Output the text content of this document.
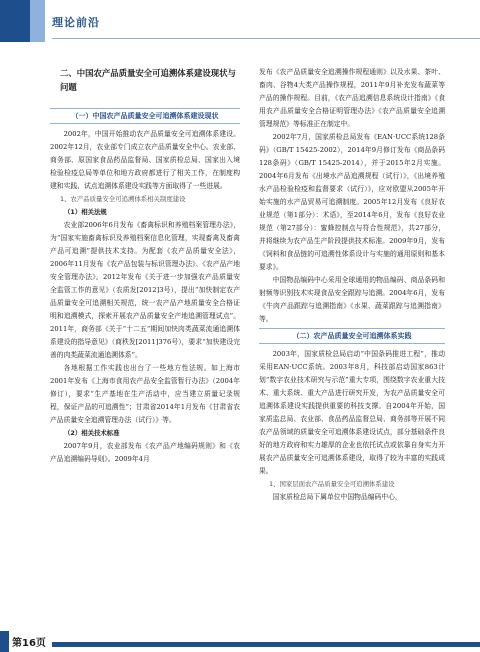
理论前沿
二、中国农产品质量安全可追溯体系建设现状与问题
（一）中国农产品质量安全可追溯体系建设现状

2002年，中国开始推动农产品质量安全可追溯体系建设。2002年12月，农业部专门成立农产品质量安全中心。农业部、商务部、原国家食品药品监督局、国家质检总局、国家出入境检验检疫总局等单位和地方政府都进行了相关工作，在制度构建和实践、试点追溯体系建设实践等方面取得了一些进展。

1、农产品质量安全可追溯体系相关制度建设
（1）相关法规

农业部2006年6月发布《畜禽标识和养殖档案管理办法》，为“国家实施畜禽标识及养殖档案信息化管理，实现畜禽及畜禽产品可追溯”提供技术支持。为配套《农产品质量安全法》，2006年11月发布《农产品包装与标识管理办法》、《农产品产地安全管理办法》。2012年发布《关于进一步加强农产品质量安全监管工作的意见》（农质发[2012]3号），提出“加快制定农产品质量安全可追溯相关规范，统一农产品产地质量安全合格证明和追溯模式，探索开展农产品质量安全产地追溯管理试点”。2011年，商务部《关于“十二五”期间加快肉类蔬菜流通追溯体系建设的指导意见》（商秩发[2011]376号），要求“加快建设完善的肉类蔬菜流通追溯体系”。

各地根据工作实践也出台了一些地方性法规。如上海市2001年发布《上海市食用农产品安全监管暂行办法》（2004年修订），要求“生产基地在生产活动中，应当建立质量记录规程，保证产品的可追溯性”；甘肃省2014年1月发布《甘肃省农产品质量安全追溯管理办法（试行）》等。

（2）相关技术标准

2007年9月，农业部发布《农产品产地编码规则》和《农产品追溯编码导则》。2009年4月

发布《农产品质量安全追溯操作规程通则》以及水果、茶叶、畜肉、谷物4大类产品操作规程，2011年9月补充发布蔬菜等产品的操作规程。目前，《农产品追溯信息系统设计指南》《食用农产品质量安全合格证明管理办法》《农产品质量安全追溯管理规范》等标准正在制定中。

2002年7月，国家质检总局发布《EAN·UCC系统128条码》（GB/T 15425-2002），2014年9月修订发布《商品条码 128条码》（GB/T 15425-2014），并于2015年2月实施。2004年6月发布《出境水产品追溯规程（试行）》，《出境养殖水产品检验检疫和监督要求（试行）》，应对欧盟从2005年开始实施的水产品贸易可追溯制度。2005年12月发布《良好农业规范（第1部分）：术语》，至2014年6月，发布《良好农业规范（第27部分）：蜜蜂控制点与符合性规范》，共27部分，并将继续为农产品生产阶段提供技术标准。2009年9月，发布《饲料和食品链的可追溯性体系设计与实施的通用原则和基本要求》。

中国物品编码中心采用全球通用的物品编码、商品条码和射频等识别技术实现食品安全跟踪与追溯。2004年6月，发布《牛肉产品跟踪与追溯指南》《水果、蔬菜跟踪与追溯指南》等。

（二）农产品质量安全可追溯体系实践

2003年，国家质检总局启动“中国条码推进工程”，推动采用EAN·UCC系统。2003年8月，科技部启动国家863计划“数字农业技术研究与示范”重大专项，围绕数字农业重大技术、重大系统、重大产品进行研究开发，为农产品质量安全可追溯体系建设实践提供重要的科技支撑。自2004年开始，国家质监总局、农业部、食品药品监督总局、商务部等开展不同农产品领域的质量安全可追溯体系建设试点，部分基础条件良好的地方政府和实力雄厚的企业也依托试点或依靠自身实力开展农产品质量安全可追溯体系建设，取得了较为丰富的实践成果。

1、国家层面农产品质量安全可追溯体系建设

国家质检总局下属单位中国物品编码中心，

第16页
